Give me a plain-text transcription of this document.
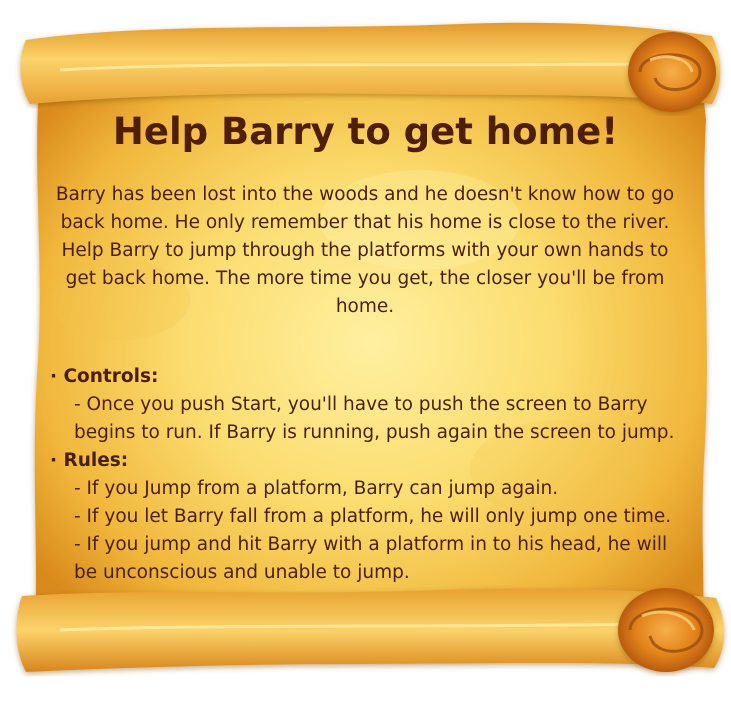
Help Barry to get home!

Barry has been lost into the woods and he doesn't know how to go back home. He only remember that his home is close to the river.

Help Barry to jump through the platforms with your own hands to get back home. The more time you get, the closer you'll be from home.

· Controls:

- Once you push Start, you'll have to push the screen to Barry begins to run. If Barry is running, push again the screen to jump.

· Rules:

- If you Jump from a platform, Barry can jump again.

- If you let Barry fall from a platform, he will only jump one time.

- If you jump and hit Barry with a platform in to his head, he will be unconscious and unable to jump.
